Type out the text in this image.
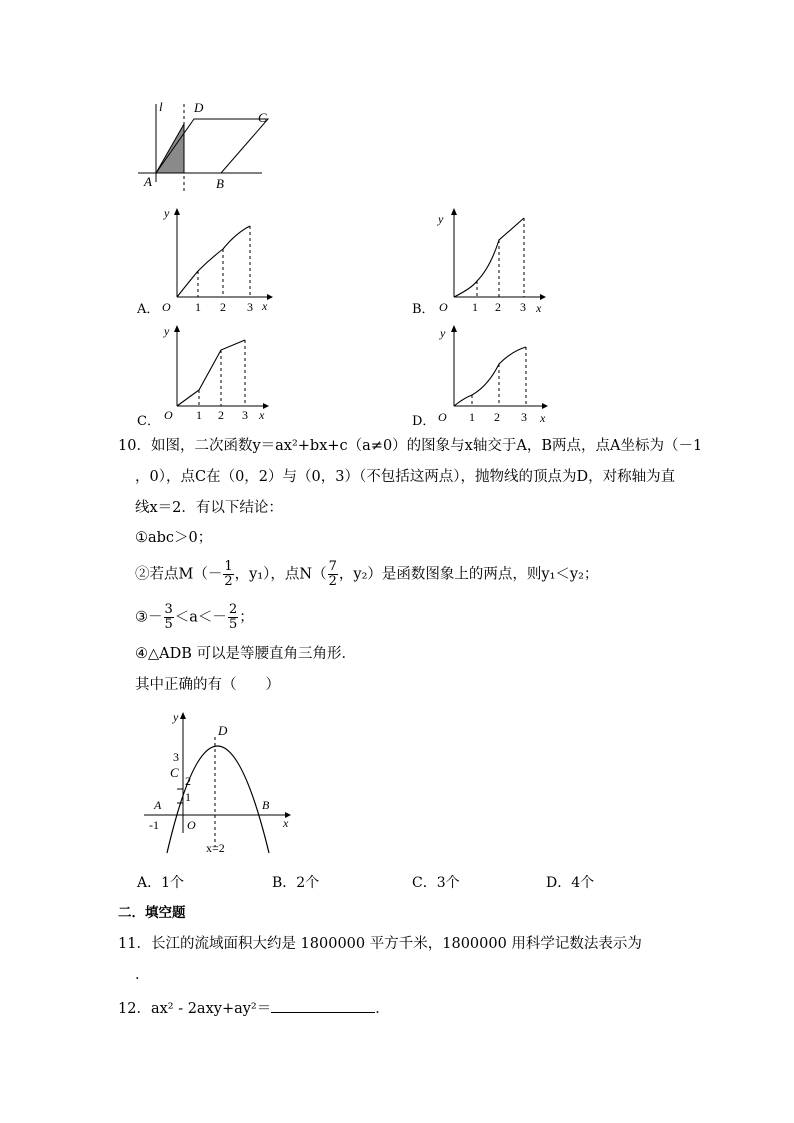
l D
C
A	B
A．
y
O 1 2 3 x	B．
y
O 1 2 3 x
C．
y
O 1 2 3 x	D．
y
O 1 2 3 x
10．如图，二次函数y＝ax²+bx+c（a≠0）的图象与x轴交于A，B两点，点A坐标为（－1
，0），点C在（0，2）与（0，3）（不包括这两点），抛物线的顶点为D，对称轴为直
线x＝2．有以下结论：
①abc＞0；
②若点$M(- \frac{1}{2}$ ，y₁），点$N( \frac{7}{2}$ ，y₂）是函数图象上的两点，则y₁＜y₂；
③－ $\frac{3}{5} <a<- \frac{2}{5}$ ；
④△ADB 可以是等腰直角三角形．
其中正确的有（　　）
y
D
3
C
2
1
A	B
-1 O	x
x=2
A．1个	B．2个	C．3个	D．4个
二．填空题
11．长江的流域面积大约是 1800000 平方千米，1800000 用科学记数法表示为
．
12．ax² - 2axy+ay²＝	．
